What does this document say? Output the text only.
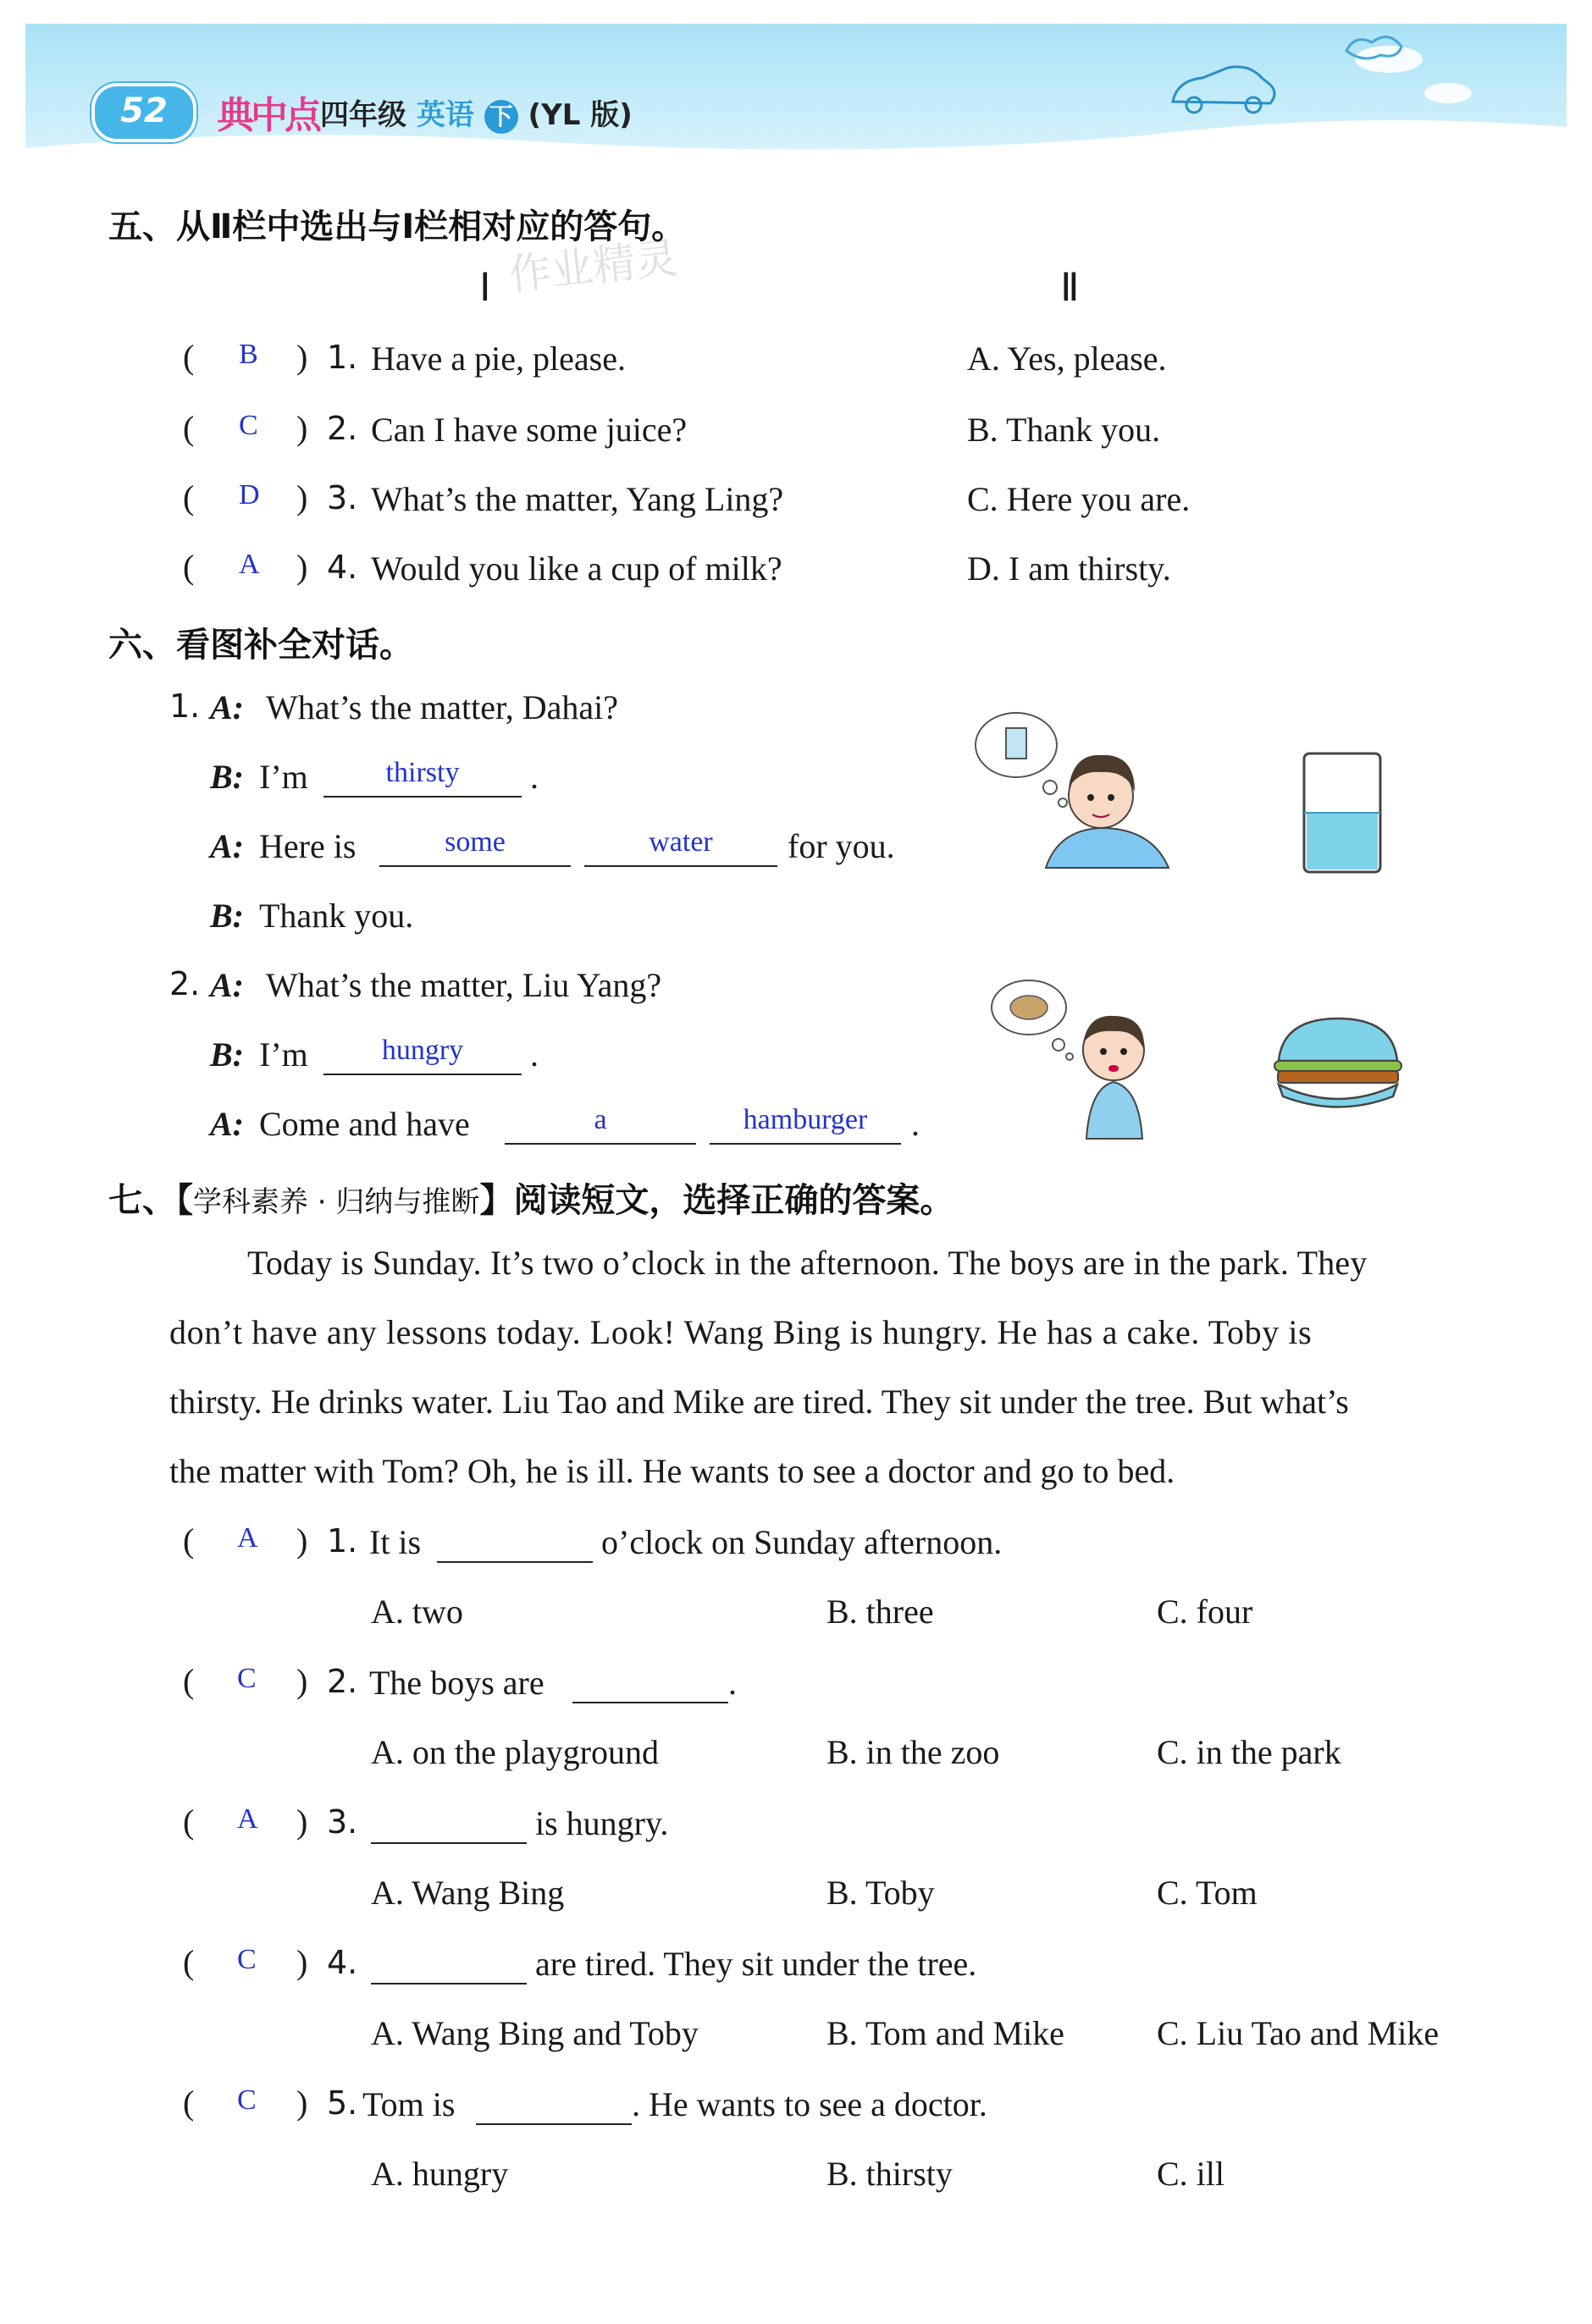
52	典中点 四年级 英语 下 (YL 版)
作业精灵
五、从Ⅱ栏中选出与Ⅰ栏相对应的答句。
Ⅰ	Ⅱ
( B ) 1. Have a pie, please.	A. Yes, please.
( C ) 2. Can I have some juice?	B. Thank you.
( D ) 3. What’s the matter, Yang Ling?	C. Here you are.
( A ) 4. Would you like a cup of milk?	D. I am thirsty.
六、看图补全对话。
1. A: What’s the matter, Dahai?
B: I’m	thirsty	.
A: Here is	some	water	for you.
B: Thank you.
2. A: What’s the matter, Liu Yang?
B: I’m	hungry	.
A: Come and have	a	hamburger	.
七、【学科素养 · 归纳与推断】阅读短文，选择正确的答案。
Today is Sunday. It’s two o’clock in the afternoon. The boys are in the park. They
don’t have any lessons today. Look! Wang Bing is hungry. He has a cake. Toby is
thirsty. He drinks water. Liu Tao and Mike are tired. They sit under the tree. But what’s
the matter with Tom? Oh, he is ill. He wants to see a doctor and go to bed.
( A ) 1. It is	o’clock on Sunday afternoon.
A. two	B. three	C. four
( C ) 2. The boys are	.
A. on the playground	B. in the zoo	C. in the park
( A ) 3.	is hungry.
A. Wang Bing	B. Toby	C. Tom
( C ) 4.	are tired. They sit under the tree.
A. Wang Bing and Toby	B. Tom and Mike	C. Liu Tao and Mike
( C ) 5. Tom is	. He wants to see a doctor.
A. hungry	B. thirsty	C. ill
